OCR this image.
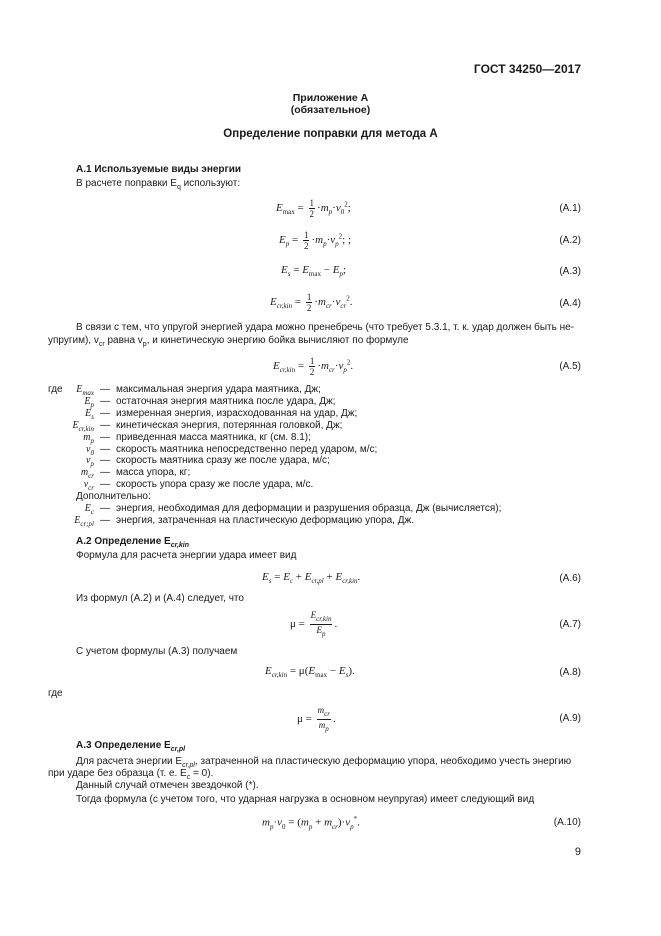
ГОСТ 34250—2017
Приложение А
(обязательное)
Определение поправки для метода А
А.1 Используемые виды энергии
В расчете поправки $E_q$ используют:
$E_{max} = \frac{1}{2} \cdot m_p\cdot v_0^2$;	(А.1)
$E_p = \frac{1}{2} \cdot m_p\cdot v_p^2$; ;	(А.2)
$E_s = E_{max} - E_p$;	(А.3)
$E_{cr,kin} = \frac{1}{2} \cdot m_{cr}\cdot v_{cr}^2$.	(А.4)
В связи с тем, что упругой энергией удара можно пренебречь (что требует 5.3.1, т. к. удар должен быть не-
упругим), $v_{cr}$ равна $v_p$, и кинетическую энергию бойка вычисляют по формуле
$E_{cr,kin} = \frac{1}{2} \cdot m_{cr}\cdot v_p^2$.	(А.5)
где	$E_{max}$ — максимальная энергия удара маятника, Дж;
$E_p$ — остаточная энергия маятника после удара, Дж;
$E_s$ — измеренная энергия, израсходованная на удар, Дж;
$E_{cr,kin}$ — кинетическая энергия, потерянная головкой, Дж;
$m_p$ — приведенная масса маятника, кг (см. 8.1);
$v_0$ — скорость маятника непосредственно перед ударом, м/с;
$v_p$ — скорость маятника сразу же после удара, м/с;
$m_{cr}$ — масса упора, кг;
$v_{cr}$ — скорость упора сразу же после удара, м/с.
Дополнительно:
$E_c$ — энергия, необходимая для деформации и разрушения образца, Дж (вычисляется);
$E_{cr;pl}$ — энергия, затраченная на пластическую деформацию упора, Дж.
А.2 Определение $E_{cr,kin}$
Формула для расчета энергии удара имеет вид
$E_s = E_c + E_{cr,pl} + E_{cr,kin}$.	(А.6)
Из формул (А.2) и (А.4) следует, что
$\mu = \frac{E_{cr,kin}}{E_p}$ .	(А.7)
С учетом формулы (А.3) получаем
$E_{cr,kin} = \mu(E_{max} - E_s)$.	(А.8)
где
$\mu = \frac{m_{cr}}{m_p}$ .	(А.9)
А.3 Определение $E_{cr,pl}$
Для расчета энергии $E_{cr,pl}$, затраченной на пластическую деформацию упора, необходимо учесть энергию
при ударе без образца (т. е. $E_c = 0$).
Данный случай отмечен звездочкой (*).
Тогда формула (с учетом того, что ударная нагрузка в основном неупругая) имеет следующий вид
$m_p\cdot v_0 = (m_p + m_{cr})\cdot v_p^*$.	(А.10)
9
